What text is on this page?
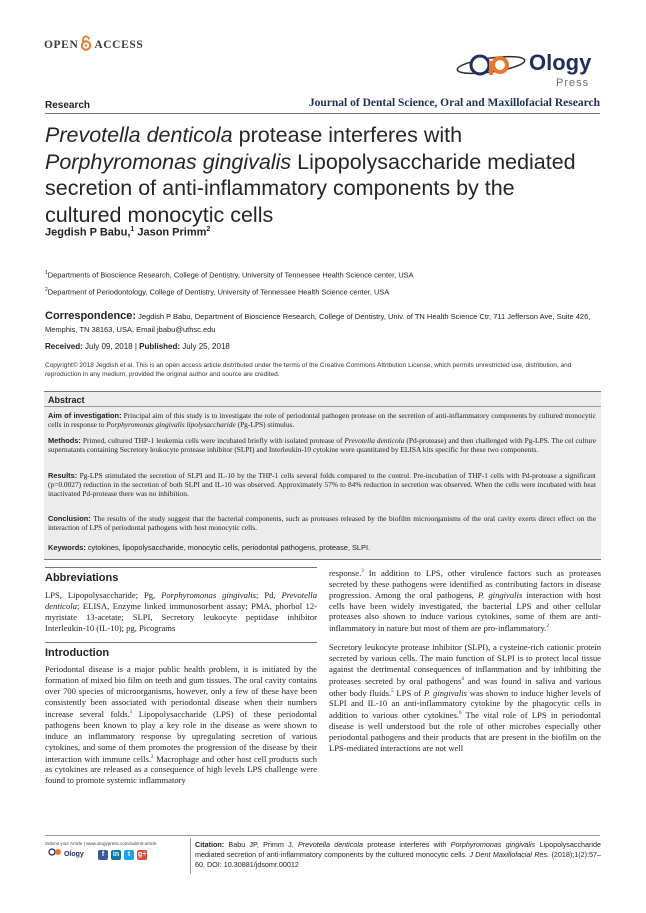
OPEN ACCESS
Ology
Press
Research	Journal of Dental Science, Oral and Maxillofacial Research
Prevotella denticola protease interferes with
Porphyromonas gingivalis Lipopolysaccharide mediated
secretion of anti-inflammatory components by the
cultured monocytic cells
Jegdish P Babu,$^1$ Jason Primm$^2$
$^1$Departments of Bioscience Research, College of Dentistry, University of Tennessee Health Science center, USA
$^2$Department of Periodontology, College of Dentistry, University of Tennessee Health Science center, USA
Correspondence: Jegdish P Babu, Department of Bioscience Research, College of Dentistry, Univ. of TN Health Science Ctr, 711 Jefferson Ave, Suite 426, Memphis, TN 38163, USA, Email jbabu@uthsc.edu
Received: July 09, 2018 | Published: July 25, 2018
Copyright© 2018 Jegdish et al. This is an open access article distributed under the terms of the Creative Commons Attribution License, which permits unrestricted use, distribution, and reproduction in any medium, provided the original author and source are credited.
Abstract
Aim of investigation: Principal aim of this study is to investigate the role of periodontal pathogen protease on the secretion of anti-inflammatory components by cultured monocytic cells in response to Porphyromonas gingivalis lipolysaccharide (Pg-LPS) stimulus.
Methods: Primed, cultured THP-1 leukemia cells were incubated briefly with isolated protease of Prevotella denticola (Pd-protease) and then challenged with Pg-LPS. The cel culture supernatants containing Secretory leukocyte protease inhibitor (SLPI) and Interleukin-10 cytokine were quantitated by ELISA kits specific for these two components.
Results: Pg-LPS stimulated the secretion of SLPI and IL-10 by the THP-1 cells several folds compared to the control. Pre-incubation of THP-1 cells with Pd-protease a significant (p=0.0027) reduction in the secretion of both SLPI and IL-10 was observed. Approximately 57% to 84% reduction in secretion was observed. When the cells were incubated with heat inactivated Pd-protease there was no inhibition.
Conclusion: The results of the study suggest that the bacterial components, such as proteases released by the biofilm microorganisms of the oral cavity exerts direct effect on the interaction of LPS of periodontal pathogens with host monocytic cells.
Keywords: cytokines, lipopolysaccharide, monocytic cells, periodontal pathogens, protease, SLPI.
Abbreviations
LPS, Lipopolysaccharide; Pg, Porphyromonas gingivalis; Pd, Prevotella denticola; ELISA, Enzyme linked immunosorbent assay; PMA, phorbol 12-myristate 13-acetate; SLPI, Secretory leukocyte peptidase inhibitor Interleukin-10 (IL-10); pg, Picograms
Introduction
Periodontal disease is a major public health problem, it is initiated by the formation of mixed bio film on teeth and gum tissues. The oral cavity contains over 700 species of microorganisms, however, only a few of these have been consistently been associated with periodontal disease when their numbers increase several folds.$^1$ Lipopolysaccharide (LPS) of these periodontal pathogens been known to play a key role in the disease as were shown to induce an inflammatory response by upregulating secretion of various cytokines, and some of them promotes the progression of the disease by their interaction with immune cells.$^2$ Macrophage and other host cell products such as cytokines are released as a consequence of high levels LPS challenge were found to promote systemic inflammatory
response.$^3$ In addition to LPS, other virulence factors such as proteases secreted by these pathogens were identified as contributing factors in disease progression. Among the oral pathogens, P. gingivalis interaction with host cells have been widely investigated, the bacterial LPS and other cellular proteases also shown to induce various cytokines, some of them are anti-inflammatory in nature but most of them are pro-inflammatory.$^2$
Secretory leukocyte protease inhibitor (SLPI), a cysteine-rich cationic protein secreted by various cells. The main function of SLPI is to protect local tissue against the detrimental consequences of inflammation and by inhibiting the proteases secreted by oral pathogens$^4$ and was found in saliva and various other body fluids.$^5$ LPS of P. gingivalis was shown to induce higher levels of SLPI and IL-10 an anti-inflammatory cytokine by the phagocytic cells in addition to various other cytokines.$^6$ The vital role of LPS in periodontal disease is well understood but the role of other microbes especially other periodontal pathogens and their products that are present in the biofilm on the LPS-mediated interactions are not well
Submit your Article | www.ologypress.com/submit-article
Ology	f	in	t	g+
Citation: Babu JP, Primm J. Prevotella denticola protease interferes with Porphyromonas gingivalis Lipopolysaccharide mediated secretion of anti-inflammatory components by the cultured monocytic cells. J Dent Maxillofacial Res. (2018);1(2):57–60. DOI: 10.30881/jdsomr.00012
